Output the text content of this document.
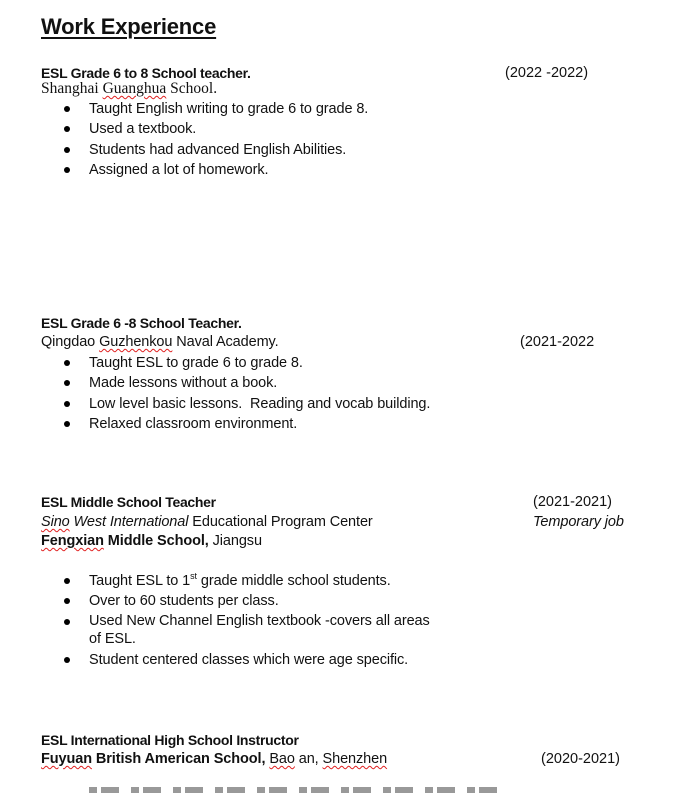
Work Experience
ESL Grade 6 to 8 School teacher.	(2022 -2022)
Shanghai Guanghua School.
Taught English writing to grade 6 to grade 8.
Used a textbook.
Students had advanced English Abilities.
Assigned a lot of homework.
ESL Grade 6 -8 School Teacher.
Qingdao Guzhenkou Naval Academy.	(2021-2022
Taught ESL to grade 6 to grade 8.
Made lessons without a book.
Low level basic lessons.  Reading and vocab building.
Relaxed classroom environment.
ESL Middle School Teacher	(2021-2021)
Sino West International Educational Program Center	Temporary job
Fengxian Middle School, Jiangsu
Taught ESL to 1st grade middle school students.
Over to 60 students per class.
Used New Channel English textbook -covers all areas of ESL.
Student centered classes which were age specific.
ESL International High School Instructor
Fuyuan British American School, Bao an, Shenzhen	(2020-2021)
